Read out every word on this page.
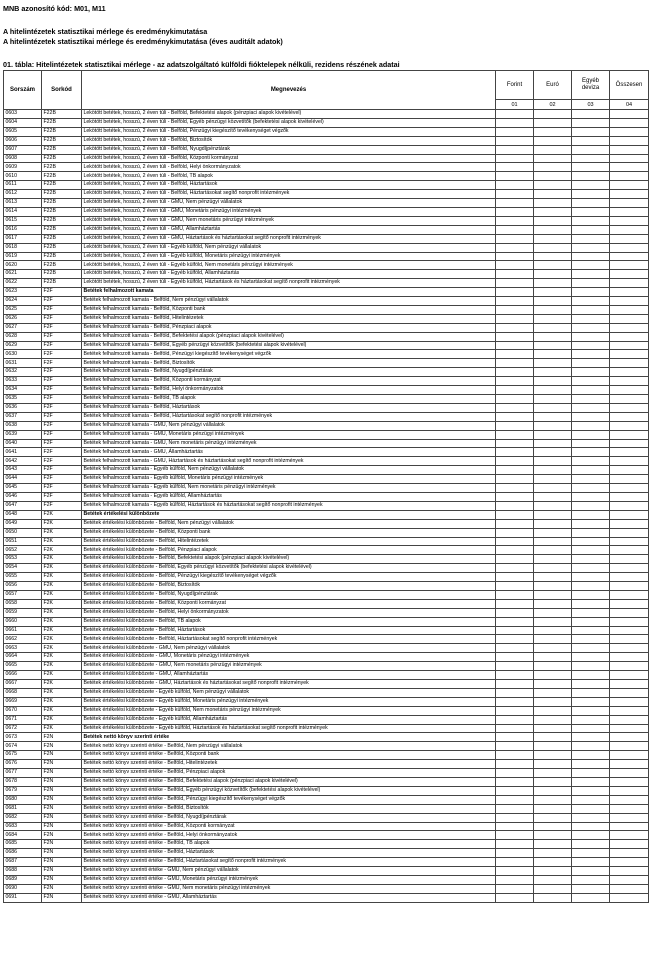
MNB azonosító kód: M01, M11
A hitelintézetek statisztikai mérlege és eredménykimutatása
A hitelintézetek statisztikai mérlege és eredménykimutatása (éves auditált adatok)
01. tábla: Hitelintézetek statisztikai mérlege - az adatszolgáltató külföldi fióktelepek nélküli, rezidens részének adatai
Sorszám	Sorkód	Megnevezés	Forint	Euró	Egyéb deviza	Összesen
			01	02	03	04
0603	F22B	Lekötött betétek, hosszú, 2 éven túli - Belföld, Befektetési alapok (pénzpiaci alapok kivételével)				
0604	F22B	Lekötött betétek, hosszú, 2 éven túli - Belföld, Egyéb pénzügyi közvetítők (befektetési alapok kivételével)				
0605	F22B	Lekötött betétek, hosszú, 2 éven túli - Belföld, Pénzügyi kiegészítő tevékenységet végzők				
0606	F22B	Lekötött betétek, hosszú, 2 éven túli - Belföld, Biztosítók				
0607	F22B	Lekötött betétek, hosszú, 2 éven túli - Belföld, Nyugdíjpénztárak				
0608	F22B	Lekötött betétek, hosszú, 2 éven túli - Belföld, Központi kormányzat				
0609	F22B	Lekötött betétek, hosszú, 2 éven túli - Belföld, Helyi önkormányzatok				
0610	F22B	Lekötött betétek, hosszú, 2 éven túli - Belföld, TB alapok				
0611	F22B	Lekötött betétek, hosszú, 2 éven túli - Belföld, Háztartások				
0612	F22B	Lekötött betétek, hosszú, 2 éven túli - Belföld, Háztartásokat segítő nonprofit intézmények				
0613	F22B	Lekötött betétek, hosszú, 2 éven túli - GMU, Nem pénzügyi vállalatok				
0614	F22B	Lekötött betétek, hosszú, 2 éven túli - GMU, Monetáris pénzügyi intézmények				
0615	F22B	Lekötött betétek, hosszú, 2 éven túli - GMU, Nem monetáris pénzügyi intézmények				
0616	F22B	Lekötött betétek, hosszú, 2 éven túli - GMU, Államháztartás				
0617	F22B	Lekötött betétek, hosszú, 2 éven túli - GMU, Háztartások és háztartásokat segítő nonprofit intézmények				
0618	F22B	Lekötött betétek, hosszú, 2 éven túli - Egyéb külföld, Nem pénzügyi vállalatok				
0619	F22B	Lekötött betétek, hosszú, 2 éven túli - Egyéb külföld, Monetáris pénzügyi intézmények				
0620	F22B	Lekötött betétek, hosszú, 2 éven túli - Egyéb külföld, Nem monetáris pénzügyi intézmények				
0621	F22B	Lekötött betétek, hosszú, 2 éven túli - Egyéb külföld, Államháztartás				
0622	F22B	Lekötött betétek, hosszú, 2 éven túli - Egyéb külföld, Háztartások és háztartásokat segítő nonprofit intézmények				
0623	F2F	Betétek felhalmozott kamata				
0624	F2F	Betétek felhalmozott kamata - Belföld, Nem pénzügyi vállalatok				
0625	F2F	Betétek felhalmozott kamata - Belföld, Központi bank				
0626	F2F	Betétek felhalmozott kamata - Belföld, Hitelintézetek				
0627	F2F	Betétek felhalmozott kamata - Belföld, Pénzpiaci alapok				
0628	F2F	Betétek felhalmozott kamata - Belföld, Befektetési alapok (pénzpiaci alapok kivételével)				
0629	F2F	Betétek felhalmozott kamata - Belföld, Egyéb pénzügyi közvetítők (befektetési alapok kivételével)				
0630	F2F	Betétek felhalmozott kamata - Belföld, Pénzügyi kiegészítő tevékenységet végzők				
0631	F2F	Betétek felhalmozott kamata - Belföld, Biztosítók				
0632	F2F	Betétek felhalmozott kamata - Belföld, Nyugdíjpénztárak				
0633	F2F	Betétek felhalmozott kamata - Belföld, Központi kormányzat				
0634	F2F	Betétek felhalmozott kamata - Belföld, Helyi önkormányzatok				
0635	F2F	Betétek felhalmozott kamata - Belföld, TB alapok				
0636	F2F	Betétek felhalmozott kamata - Belföld, Háztartások				
0637	F2F	Betétek felhalmozott kamata - Belföld, Háztartásokat segítő nonprofit intézmények				
0638	F2F	Betétek felhalmozott kamata - GMU, Nem pénzügyi vállalatok				
0639	F2F	Betétek felhalmozott kamata - GMU, Monetáris pénzügyi intézmények				
0640	F2F	Betétek felhalmozott kamata - GMU, Nem monetáris pénzügyi intézmények				
0641	F2F	Betétek felhalmozott kamata - GMU, Államháztartás				
0642	F2F	Betétek felhalmozott kamata - GMU, Háztartások és háztartásokat segítő nonprofit intézmények				
0643	F2F	Betétek felhalmozott kamata - Egyéb külföld, Nem pénzügyi vállalatok				
0644	F2F	Betétek felhalmozott kamata - Egyéb külföld, Monetáris pénzügyi intézmények				
0645	F2F	Betétek felhalmozott kamata - Egyéb külföld, Nem monetáris pénzügyi intézmények				
0646	F2F	Betétek felhalmozott kamata - Egyéb külföld, Államháztartás				
0647	F2F	Betétek felhalmozott kamata - Egyéb külföld, Háztartások és háztartásokat segítő nonprofit intézmények				
0648	F2K	Betétek értékelési különbözete				
0649	F2K	Betétek értékelési különbözete - Belföld, Nem pénzügyi vállalatok				
0650	F2K	Betétek értékelési különbözete - Belföld, Központi bank				
0651	F2K	Betétek értékelési különbözete - Belföld, Hitelintézetek				
0652	F2K	Betétek értékelési különbözete - Belföld, Pénzpiaci alapok				
0653	F2K	Betétek értékelési különbözete - Belföld, Befektetési alapok (pénzpiaci alapok kivételével)				
0654	F2K	Betétek értékelési különbözete - Belföld, Egyéb pénzügyi közvetítők (befektetési alapok kivételével)				
0655	F2K	Betétek értékelési különbözete - Belföld, Pénzügyi kiegészítő tevékenységet végzők				
0656	F2K	Betétek értékelési különbözete - Belföld, Biztosítók				
0657	F2K	Betétek értékelési különbözete - Belföld, Nyugdíjpénztárak				
0658	F2K	Betétek értékelési különbözete - Belföld, Központi kormányzat				
0659	F2K	Betétek értékelési különbözete - Belföld, Helyi önkormányzatok				
0660	F2K	Betétek értékelési különbözete - Belföld, TB alapok				
0661	F2K	Betétek értékelési különbözete - Belföld, Háztartások				
0662	F2K	Betétek értékelési különbözete - Belföld, Háztartásokat segítő nonprofit intézmények				
0663	F2K	Betétek értékelési különbözete - GMU, Nem pénzügyi vállalatok				
0664	F2K	Betétek értékelési különbözete - GMU, Monetáris pénzügyi intézmények				
0665	F2K	Betétek értékelési különbözete - GMU, Nem monetáris pénzügyi intézmények				
0666	F2K	Betétek értékelési különbözete - GMU, Államháztartás				
0667	F2K	Betétek értékelési különbözete - GMU, Háztartások és háztartásokat segítő nonprofit intézmények				
0668	F2K	Betétek értékelési különbözete - Egyéb külföld, Nem pénzügyi vállalatok				
0669	F2K	Betétek értékelési különbözete - Egyéb külföld, Monetáris pénzügyi intézmények				
0670	F2K	Betétek értékelési különbözete - Egyéb külföld, Nem monetáris pénzügyi intézmények				
0671	F2K	Betétek értékelési különbözete - Egyéb külföld, Államháztartás				
0672	F2K	Betétek értékelési különbözete - Egyéb külföld, Háztartások és háztartásokat segítő nonprofit intézmények				
0673	F2N	Betétek nettó könyv szerinti értéke				
0674	F2N	Betétek nettó könyv szerinti értéke - Belföld, Nem pénzügyi vállalatok				
0675	F2N	Betétek nettó könyv szerinti értéke - Belföld, Központi bank				
0676	F2N	Betétek nettó könyv szerinti értéke - Belföld, Hitelintézetek				
0677	F2N	Betétek nettó könyv szerinti értéke - Belföld, Pénzpiaci alapok				
0678	F2N	Betétek nettó könyv szerinti értéke - Belföld, Befektetési alapok (pénzpiaci alapok kivételével)				
0679	F2N	Betétek nettó könyv szerinti értéke - Belföld, Egyéb pénzügyi közvetítők (befektetési alapok kivételével)				
0680	F2N	Betétek nettó könyv szerinti értéke - Belföld, Pénzügyi kiegészítő tevékenységet végzők				
0681	F2N	Betétek nettó könyv szerinti értéke - Belföld, Biztosítók				
0682	F2N	Betétek nettó könyv szerinti értéke - Belföld, Nyugdíjpénztárak				
0683	F2N	Betétek nettó könyv szerinti értéke - Belföld, Központi kormányzat				
0684	F2N	Betétek nettó könyv szerinti értéke - Belföld, Helyi önkormányzatok				
0685	F2N	Betétek nettó könyv szerinti értéke - Belföld, TB alapok				
0686	F2N	Betétek nettó könyv szerinti értéke - Belföld, Háztartások				
0687	F2N	Betétek nettó könyv szerinti értéke - Belföld, Háztartásokat segítő nonprofit intézmények				
0688	F2N	Betétek nettó könyv szerinti értéke - GMU, Nem pénzügyi vállalatok				
0689	F2N	Betétek nettó könyv szerinti értéke - GMU, Monetáris pénzügyi intézmények				
0690	F2N	Betétek nettó könyv szerinti értéke - GMU, Nem monetáris pénzügyi intézmények				
0691	F2N	Betétek nettó könyv szerinti értéke - GMU, Államháztartás				
